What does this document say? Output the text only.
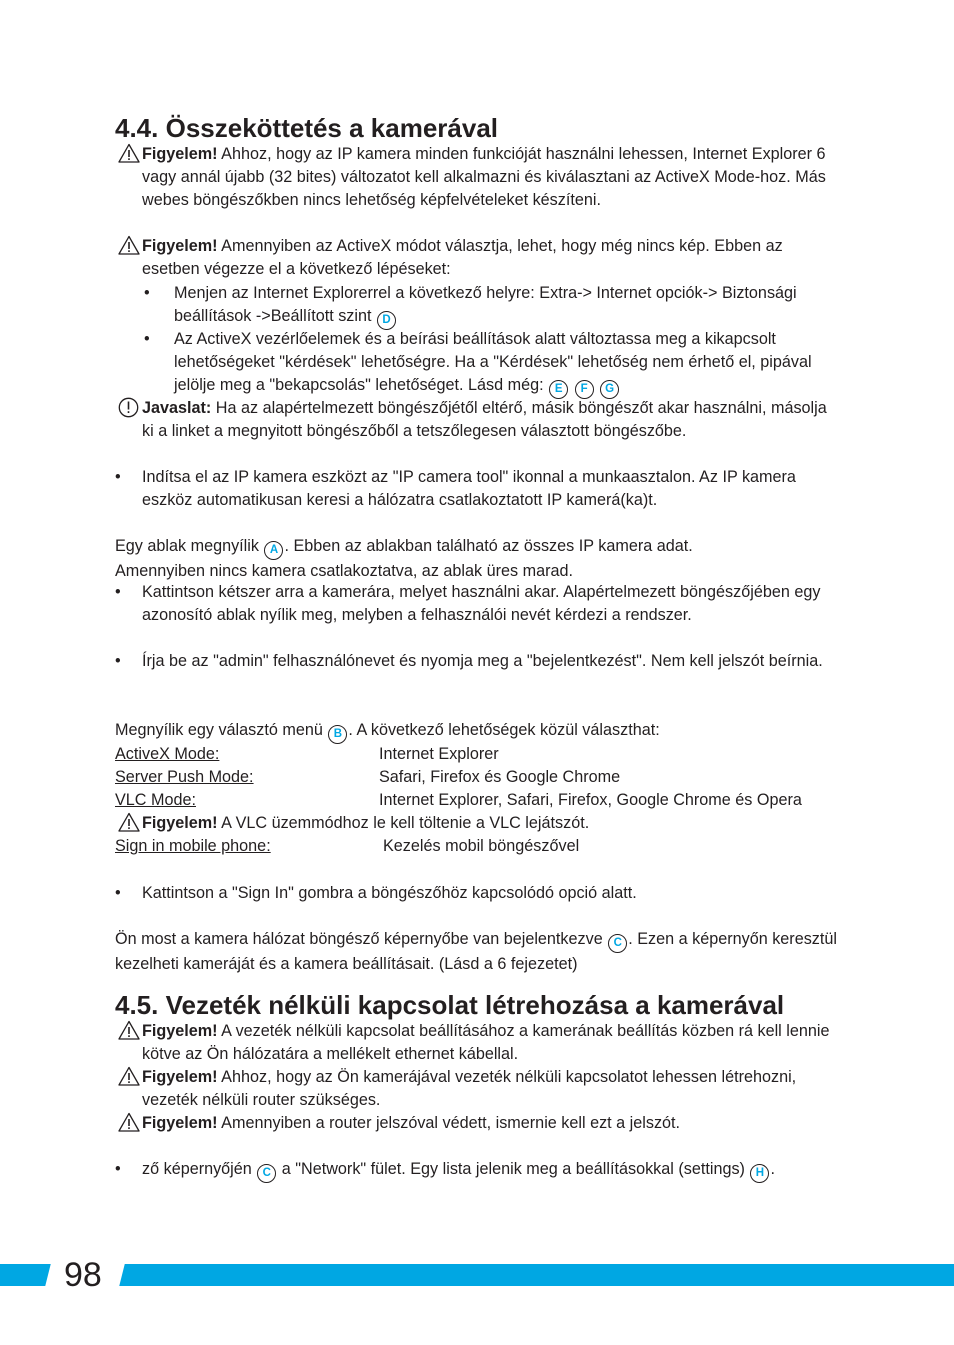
4.4. Összeköttetés a kamerával
Figyelem! Ahhoz, hogy az IP kamera minden funkcióját használni lehessen, Internet Explorer 6 vagy annál újabb (32 bites) változatot kell alkalmazni és kiválasztani az ActiveX Mode-hoz. Más webes böngészőkben nincs lehetőség képfelvételeket készíteni.
Figyelem! Amennyiben az ActiveX módot választja, lehet, hogy még nincs kép. Ebben az esetben végezze el a következő lépéseket:
• Menjen az Internet Explorerrel a következő helyre: Extra-> Internet opciók-> Biztonsági beállítások ->Beállított szint D
• Az ActiveX vezérlőelemek és a beírási beállítások alatt változtassa meg a kikapcsolt lehetőségeket "kérdések" lehetőségre. Ha a "Kérdések" lehetőség nem érhető el, pipával jelölje meg a "bekapcsolás" lehetőséget. Lásd még: E F G
Javaslat: Ha az alapértelmezett böngészőjétől eltérő, másik böngészőt akar használni, másolja ki a linket a megnyitott böngészőből a tetszőlegesen választott böngészőbe.
• Indítsa el az IP kamera eszközt az "IP camera tool" ikonnal a munkaasztalon. Az IP kamera eszköz automatikusan keresi a hálózatra csatlakoztatott IP kamerá(ka)t.
Egy ablak megnyílik A . Ebben az ablakban található az összes IP kamera adat.
Amennyiben nincs kamera csatlakoztatva, az ablak üres marad.
• Kattintson kétszer arra a kamerára, melyet használni akar. Alapértelmezett böngészőjében egy azonosító ablak nyílik meg, melyben a felhasználói nevét kérdezi a rendszer.
• Írja be az "admin" felhasználónevet és nyomja meg a "bejelentkezést". Nem kell jelszót beírnia.
Megnyílik egy választó menü B . A következő lehetőségek közül választhat:
ActiveX Mode:	Internet Explorer
Server Push Mode:	Safari, Firefox és Google Chrome
VLC Mode:	Internet Explorer, Safari, Firefox, Google Chrome és Opera
Figyelem! A VLC üzemmódhoz le kell töltenie a VLC lejátszót.
Sign in mobile phone:	Kezelés mobil böngészővel
• Kattintson a "Sign In" gombra a böngészőhöz kapcsolódó opció alatt.
Ön most a kamera hálózat böngésző képernyőbe van bejelentkezve C . Ezen a képernyőn keresztül kezelheti kameráját és a kamera beállításait. (Lásd a 6 fejezetet)
4.5. Vezeték nélküli kapcsolat létrehozása a kamerával
Figyelem! A vezeték nélküli kapcsolat beállításához a kamerának beállítás közben rá kell lennie kötve az Ön hálózatára a mellékelt ethernet kábellal.
Figyelem! Ahhoz, hogy az Ön kamerájával vezeték nélküli kapcsolatot lehessen létrehozni, vezeték nélküli router szükséges.
Figyelem! Amennyiben a router jelszóval védett, ismernie kell ezt a jelszót.
• ző képernyőjén C a "Network" fület. Egy lista jelenik meg a beállításokkal (settings) H .
98
